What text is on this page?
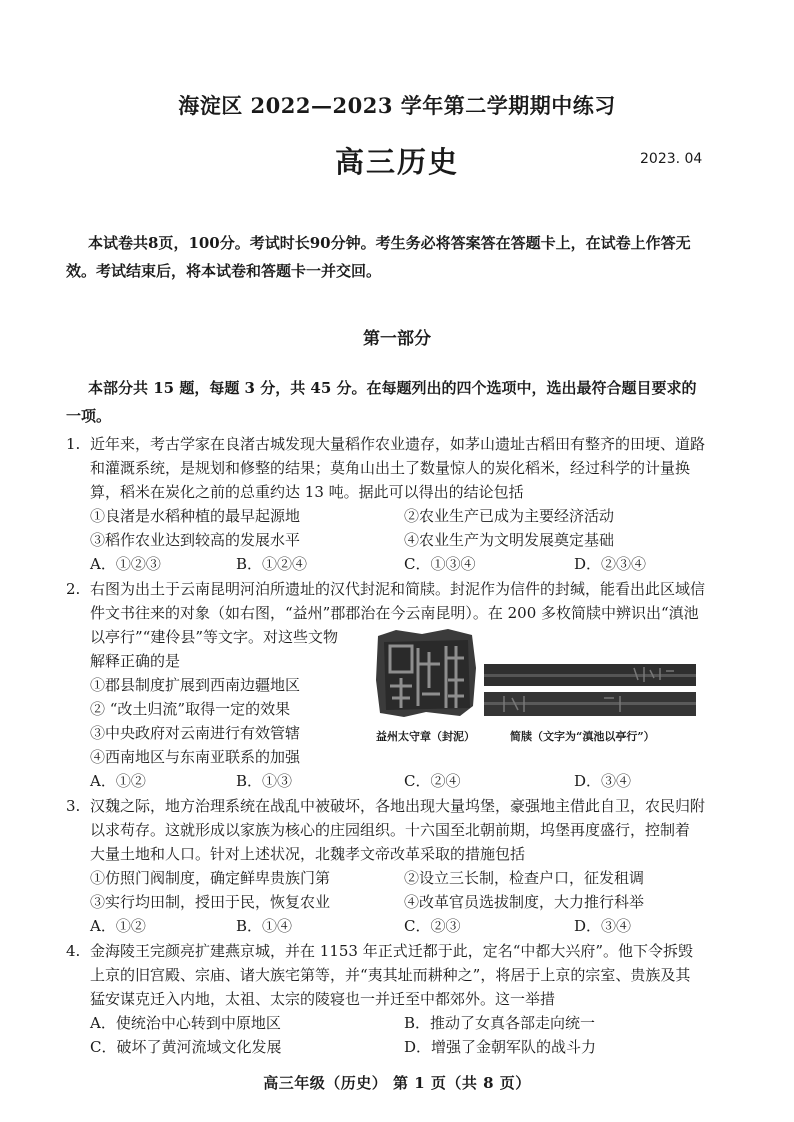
海淀区 2022—2023 学年第二学期期中练习
高三历史	2023. 04
本试卷共8页，100分。考试时长90分钟。考生务必将答案答在答题卡上，在试卷上作答无
效。考试结束后，将本试卷和答题卡一并交回。
第一部分
本部分共 15 题，每题 3 分，共 45 分。在每题列出的四个选项中，选出最符合题目要求的
一项。
1. 近年来，考古学家在良渚古城发现大量稻作农业遗存，如茅山遗址古稻田有整齐的田埂、道路
和灌溉系统，是规划和修整的结果；莫角山出土了数量惊人的炭化稻米，经过科学的计量换
算，稻米在炭化之前的总重约达 13 吨。据此可以得出的结论包括
①良渚是水稻种植的最早起源地	②农业生产已成为主要经济活动
③稻作农业达到较高的发展水平	④农业生产为文明发展奠定基础
A．①②③	B．①②④	C．①③④	D．②③④
2. 右图为出土于云南昆明河泊所遗址的汉代封泥和简牍。封泥作为信件的封缄，能看出此区域信
件文书往来的对象（如右图，“益州”郡郡治在今云南昆明）。在 200 多枚简牍中辨识出“滇池
以亭行”“建伶县”等文字。对这些文物
解释正确的是
①郡县制度扩展到西南边疆地区
② “改土归流”取得一定的效果
③中央政府对云南进行有效管辖
④西南地区与东南亚联系的加强
A．①②	B．①③	C．②④	D．③④
益州太守章（封泥）	简牍（文字为“滇池以亭行”）
3. 汉魏之际，地方治理系统在战乱中被破坏，各地出现大量坞堡，豪强地主借此自卫，农民归附
以求苟存。这就形成以家族为核心的庄园组织。十六国至北朝前期，坞堡再度盛行，控制着
大量土地和人口。针对上述状况，北魏孝文帝改革采取的措施包括
①仿照门阀制度，确定鲜卑贵族门第	②设立三长制，检查户口，征发租调
③实行均田制，授田于民，恢复农业	④改革官员选拔制度，大力推行科举
A．①②	B．①④	C．②③	D．③④
4. 金海陵王完颜亮扩建燕京城，并在 1153 年正式迁都于此，定名“中都大兴府”。他下令拆毁
上京的旧宫殿、宗庙、诸大族宅第等，并“夷其址而耕种之”，将居于上京的宗室、贵族及其
猛安谋克迁入内地，太祖、太宗的陵寝也一并迁至中都郊外。这一举措
A．使统治中心转到中原地区	B．推动了女真各部走向统一
C．破坏了黄河流域文化发展	D．增强了金朝军队的战斗力
高三年级（历史） 第 1 页（共 8 页）
